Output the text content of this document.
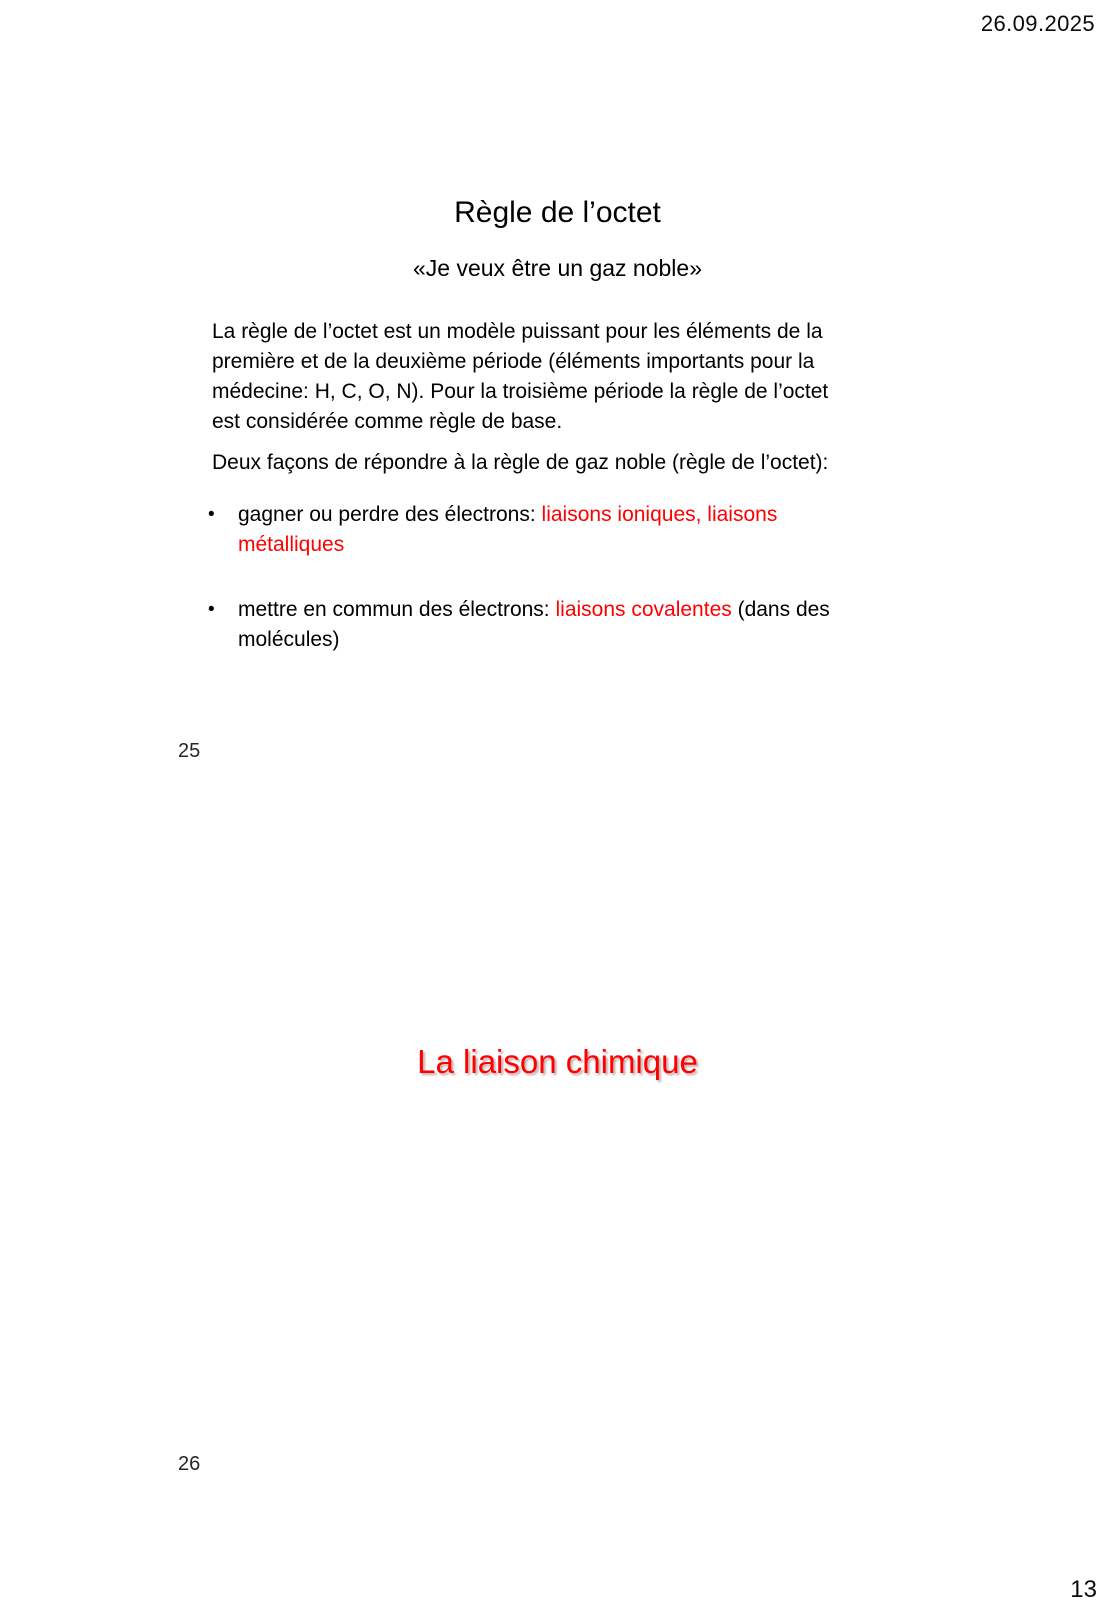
26.09.2025
Règle de l’octet
«Je veux être un gaz noble»
La règle de l’octet est un modèle puissant pour les éléments de la
première et de la deuxième période (éléments importants pour la
médecine: H, C, O, N). Pour la troisième période la règle de l’octet
est considérée comme règle de base.
Deux façons de répondre à la règle de gaz noble (règle de l’octet):
•	gagner ou perdre des électrons: liaisons ioniques, liaisons
métalliques
•	mettre en commun des électrons: liaisons covalentes (dans des
molécules)
25
La liaison chimique
26
13
